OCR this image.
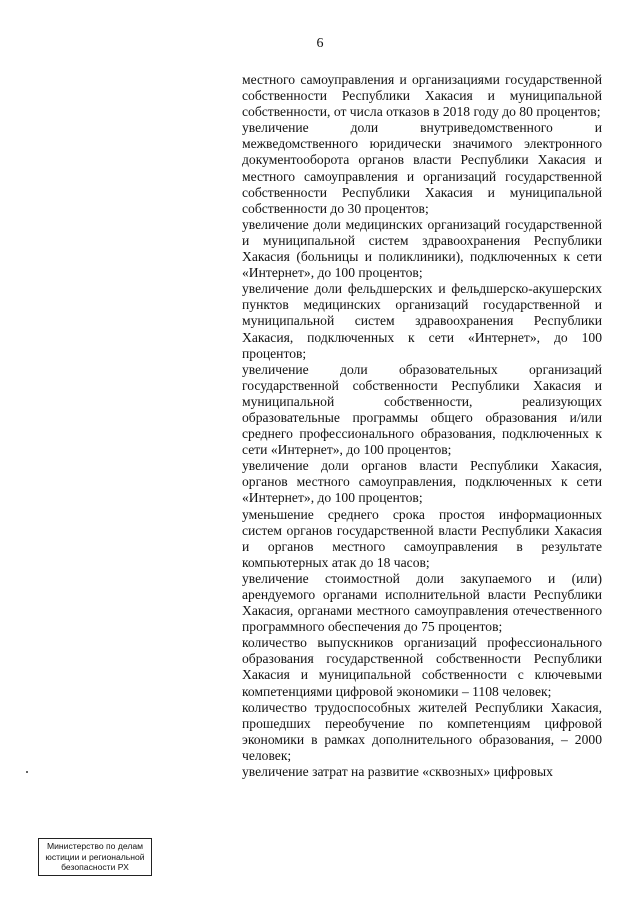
6

местного самоуправления и организациями государственной собственности Республики Хакасия и муниципальной собственности, от числа отказов в 2018 году до 80 процентов;

увеличение доли внутриведомственного и межведомственного юридически значимого электронного документооборота органов власти Республики Хакасия и местного самоуправления и организаций государственной собственности Республики Хакасия и муниципальной собственности до 30 процентов;

увеличение доли медицинских организаций государственной и муниципальной систем здравоохранения Республики Хакасия (больницы и поликлиники), подключенных к сети «Интернет», до 100 процентов;

увеличение доли фельдшерских и фельдшерско-акушерских пунктов медицинских организаций государственной и муниципальной систем здравоохранения Республики Хакасия, подключенных к сети «Интернет», до 100 процентов;

увеличение доли образовательных организаций государственной собственности Республики Хакасия и муниципальной собственности, реализующих образовательные программы общего образования и/или среднего профессионального образования, подключенных к сети «Интернет», до 100 процентов;

увеличение доли органов власти Республики Хакасия, органов местного самоуправления, подключенных к сети «Интернет», до 100 процентов;

уменьшение среднего срока простоя информационных систем органов государственной власти Республики Хакасия и органов местного самоуправления в результате компьютерных атак до 18 часов;

увеличение стоимостной доли закупаемого и (или) арендуемого органами исполнительной власти Республики Хакасия, органами местного самоуправления отечественного программного обеспечения до 75 процентов;

количество выпускников организаций профессионального образования государственной собственности Республики Хакасия и муниципальной собственности с ключевыми компетенциями цифровой экономики – 1108 человек;

количество трудоспособных жителей Республики Хакасия, прошедших переобучение по компетенциям цифровой экономики в рамках дополнительного образования, – 2000 человек;

увеличение затрат на развитие «сквозных» цифровых

Министерство по делам
юстиции и региональной
безопасности РХ
